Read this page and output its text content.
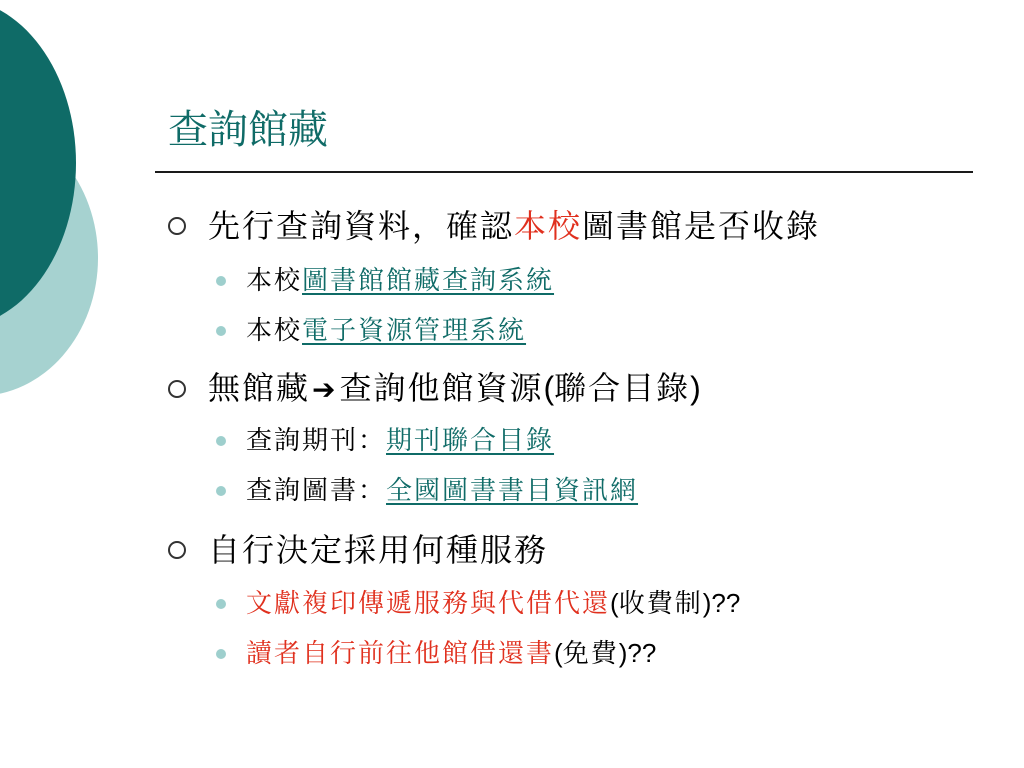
查詢館藏
先行查詢資料，確認本校圖書館是否收錄
本校圖書館館藏查詢系統
本校電子資源管理系統
無館藏➔查詢他館資源(聯合目錄)
查詢期刊：期刊聯合目錄
查詢圖書：全國圖書書目資訊網
自行決定採用何種服務
文獻複印傳遞服務與代借代還(收費制)??
讀者自行前往他館借還書(免費)??
